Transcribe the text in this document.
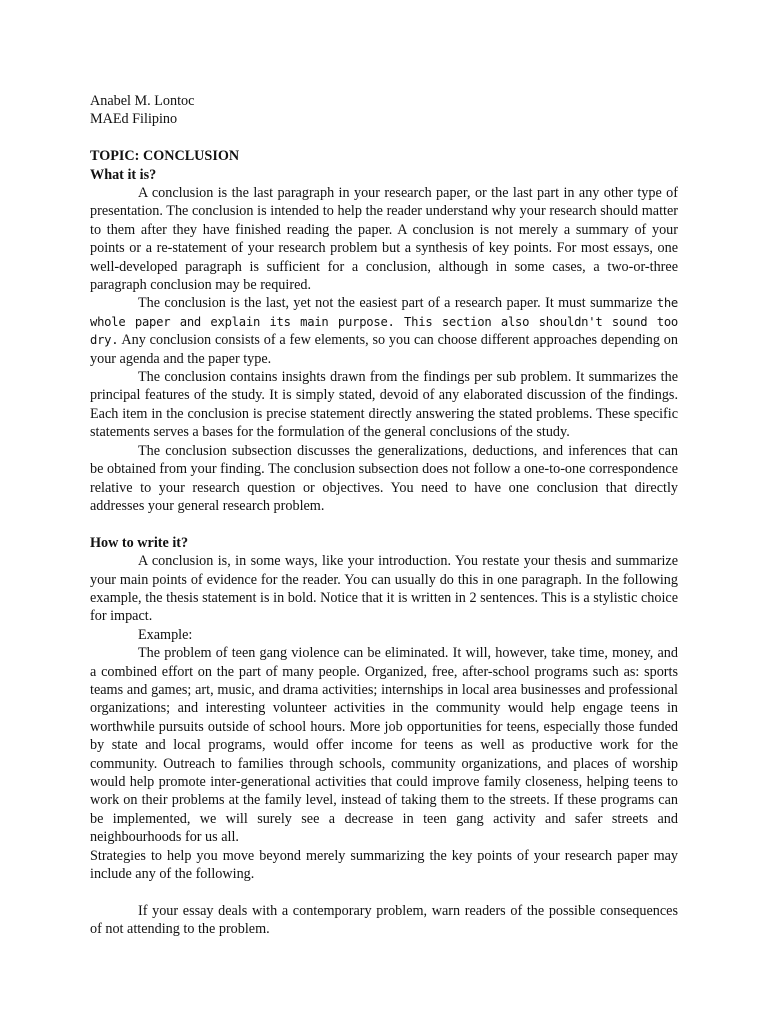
Anabel M. Lontoc
MAEd Filipino
TOPIC: CONCLUSION
What it is?

A conclusion is the last paragraph in your research paper, or the last part in any other type of presentation. The conclusion is intended to help the reader understand why your research should matter to them after they have finished reading the paper. A conclusion is not merely a summary of your points or a re-statement of your research problem but a synthesis of key points. For most essays, one well-developed paragraph is sufficient for a conclusion, although in some cases, a two-or-three paragraph conclusion may be required.

The conclusion is the last, yet not the easiest part of a research paper. It must summarize the whole paper and explain its main purpose. This section also shouldn't sound too dry. Any conclusion consists of a few elements, so you can choose different approaches depending on your agenda and the paper type.

The conclusion contains insights drawn from the findings per sub problem. It summarizes the principal features of the study. It is simply stated, devoid of any elaborated discussion of the findings. Each item in the conclusion is precise statement directly answering the stated problems. These specific statements serves a bases for the formulation of the general conclusions of the study.

The conclusion subsection discusses the generalizations, deductions, and inferences that can be obtained from your finding. The conclusion subsection does not follow a one-to-one correspondence relative to your research question or objectives. You need to have one conclusion that directly addresses your general research problem.

How to write it?

A conclusion is, in some ways, like your introduction. You restate your thesis and summarize your main points of evidence for the reader. You can usually do this in one paragraph. In the following example, the thesis statement is in bold. Notice that it is written in 2 sentences. This is a stylistic choice for impact.

Example:

The problem of teen gang violence can be eliminated. It will, however, take time, money, and a combined effort on the part of many people. Organized, free, after-school programs such as: sports teams and games; art, music, and drama activities; internships in local area businesses and professional organizations; and interesting volunteer activities in the community would help engage teens in worthwhile pursuits outside of school hours. More job opportunities for teens, especially those funded by state and local programs, would offer income for teens as well as productive work for the community. Outreach to families through schools, community organizations, and places of worship would help promote inter-generational activities that could improve family closeness, helping teens to work on their problems at the family level, instead of taking them to the streets. If these programs can be implemented, we will surely see a decrease in teen gang activity and safer streets and neighbourhoods for us all.

Strategies to help you move beyond merely summarizing the key points of your research paper may include any of the following.

If your essay deals with a contemporary problem, warn readers of the possible consequences of not attending to the problem.
